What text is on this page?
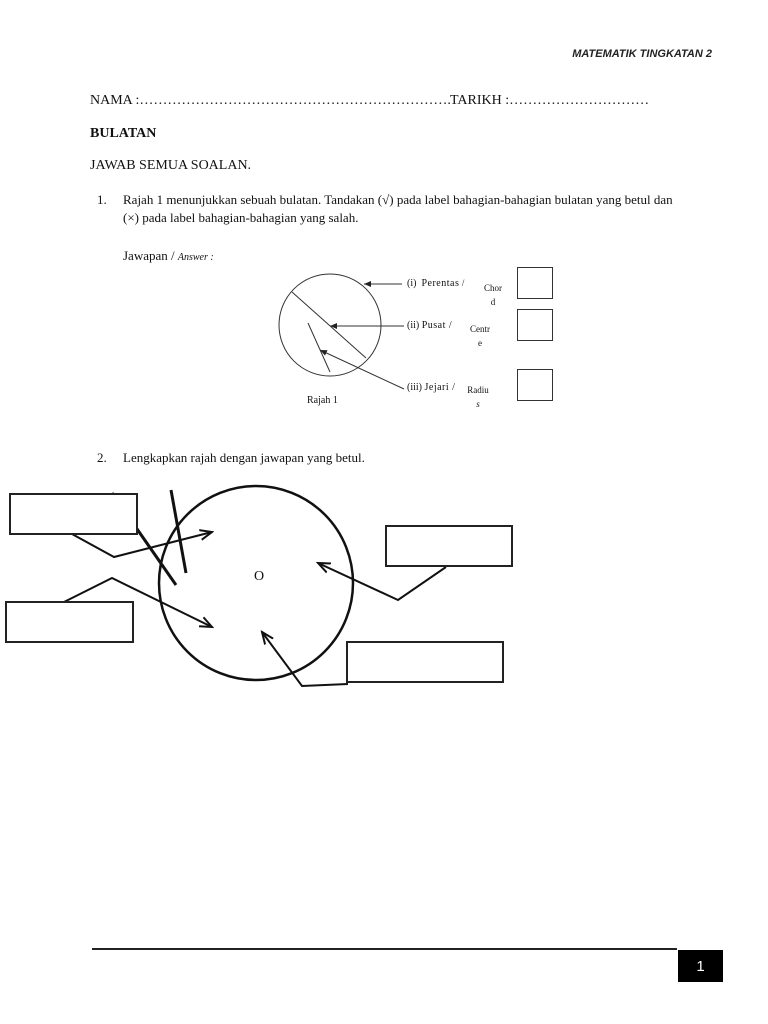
MATEMATIK TINGKATAN 2
NAMA :…………………………………………………………. TARIKH :…………………………
BULATAN
JAWAB SEMUA SOALAN.
1. Rajah 1 menunjukkan sebuah bulatan. Tandakan (√) pada label bahagian-bahagian bulatan yang betul dan (×) pada label bahagian-bahagian yang salah.
Jawapan / Answer :
(i) Perentas /	Chor
d
(ii) Pusat /	Centr
e
(iii) Jejari /	Radiu
s
Rajah 1
2. Lengkapkan rajah dengan jawapan yang betul.
O
1
